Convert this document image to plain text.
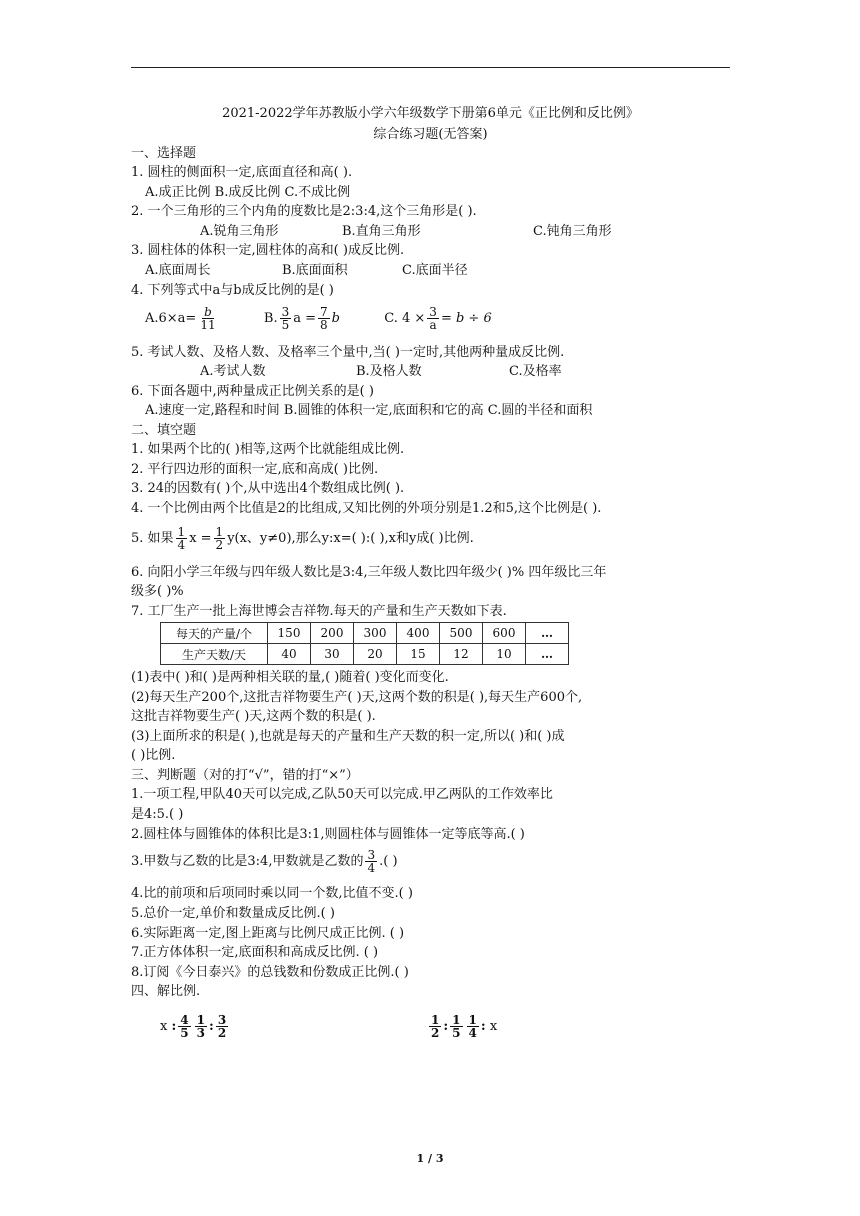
2021-2022学年苏教版小学六年级数学下册第6单元《正比例和反比例》
综合练习题(无答案)
一、选择题
1. 圆柱的侧面积一定,底面直径和高( ).
A.成正比例 B.成反比例 C.不成比例
2. 一个三角形的三个内角的度数比是2:3:4,这个三角形是( ).
A.锐角三角形	B.直角三角形	C.钝角三角形
3. 圆柱体的体积一定,圆柱体的高和( )成反比例.
A.底面周长	B.底面面积	C.底面半径
4. 下列等式中a与b成反比例的是( )
$A.6\times a= \frac{b}{11}$	B. $\frac{3}{5}$ $a = \frac{7}{8}$ b	C. $4 \times \frac{3}{a} = b \div 6$
5. 考试人数、及格人数、及格率三个量中,当( )一定时,其他两种量成反比例.
A.考试人数	B.及格人数	C.及格率
6. 下面各题中,两种量成正比例关系的是( )
A.速度一定,路程和时间 B.圆锥的体积一定,底面积和它的高 C.圆的半径和面积
二、填空题
1. 如果两个比的( )相等,这两个比就能组成比例.
2. 平行四边形的面积一定,底和高成( )比例.
3. 24的因数有( )个,从中选出4个数组成比例( ).
4. 一个比例由两个比值是2的比组成,又知比例的外项分别是1.2和5,这个比例是( ).
5. 如果 $\frac{1}{4}$ $x = \frac{1}{2} y(x$、y≠0),那么y:x=( ):( ),x和y成( )比例.
6. 向阳小学三年级与四年级人数比是3:4,三年级人数比四年级少( )% 四年级比三年
级多( )%
7. 工厂生产一批上海世博会吉祥物.每天的产量和生产天数如下表.
每天的产量/个	150	200	300	400	500	600	…
生产天数/天	40	30	20	15	12	10	…
(1)表中( )和( )是两种相关联的量,( )随着( )变化而变化.
(2)每天生产200个,这批吉祥物要生产( )天,这两个数的积是( ),每天生产600个,
这批吉祥物要生产( )天,这两个数的积是( ).
(3)上面所求的积是( ),也就是每天的产量和生产天数的积一定,所以( )和( )成
( )比例.
三、判断题（对的打“√”，错的打“×”）
1.一项工程,甲队40天可以完成,乙队50天可以完成.甲乙两队的工作效率比
是4:5.( )
2.圆柱体与圆锥体的体积比是3:1,则圆柱体与圆锥体一定等底等高.( )
3.甲数与乙数的比是3:4,甲数就是乙数的 $\frac{3}{4}$ .( )
4.比的前项和后项同时乘以同一个数,比值不变.( )
5.总价一定,单价和数量成反比例.( )
6.实际距离一定,图上距离与比例尺成正比例. ( )
7.正方体体积一定,底面积和高成反比例. ( )
8.订阅《今日泰兴》的总钱数和份数成正比例.( )
四、解比例.
x : $\frac{4}{5} \frac{1}{3}$ : $\frac{3}{2}$	$\frac{1}{2}$ : $\frac{1}{5} \frac{1}{4}$ : x
1 / 3
